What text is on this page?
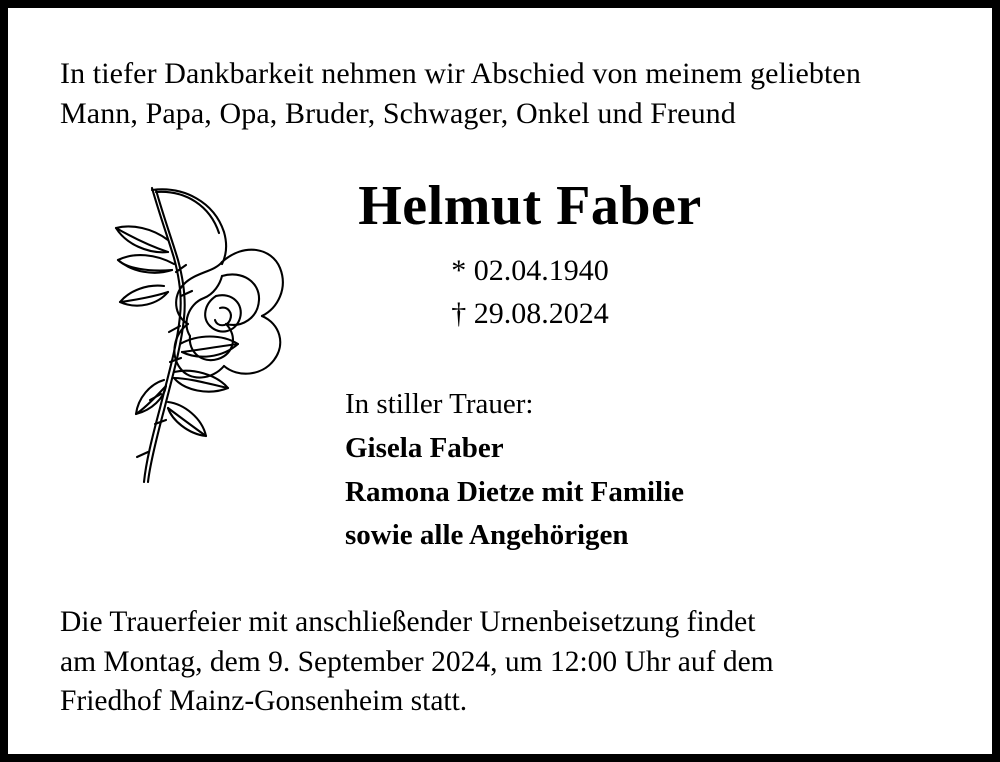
In tiefer Dankbarkeit nehmen wir Abschied von meinem geliebten
Mann, Papa, Opa, Bruder, Schwager, Onkel und Freund
Helmut Faber
* 02.04.1940
† 29.08.2024
In stiller Trauer:
Gisela Faber
Ramona Dietze mit Familie
sowie alle Angehörigen
Die Trauerfeier mit anschließender Urnenbeisetzung findet
am Montag, dem 9. September 2024, um 12:00 Uhr auf dem
Friedhof Mainz-Gonsenheim statt.
